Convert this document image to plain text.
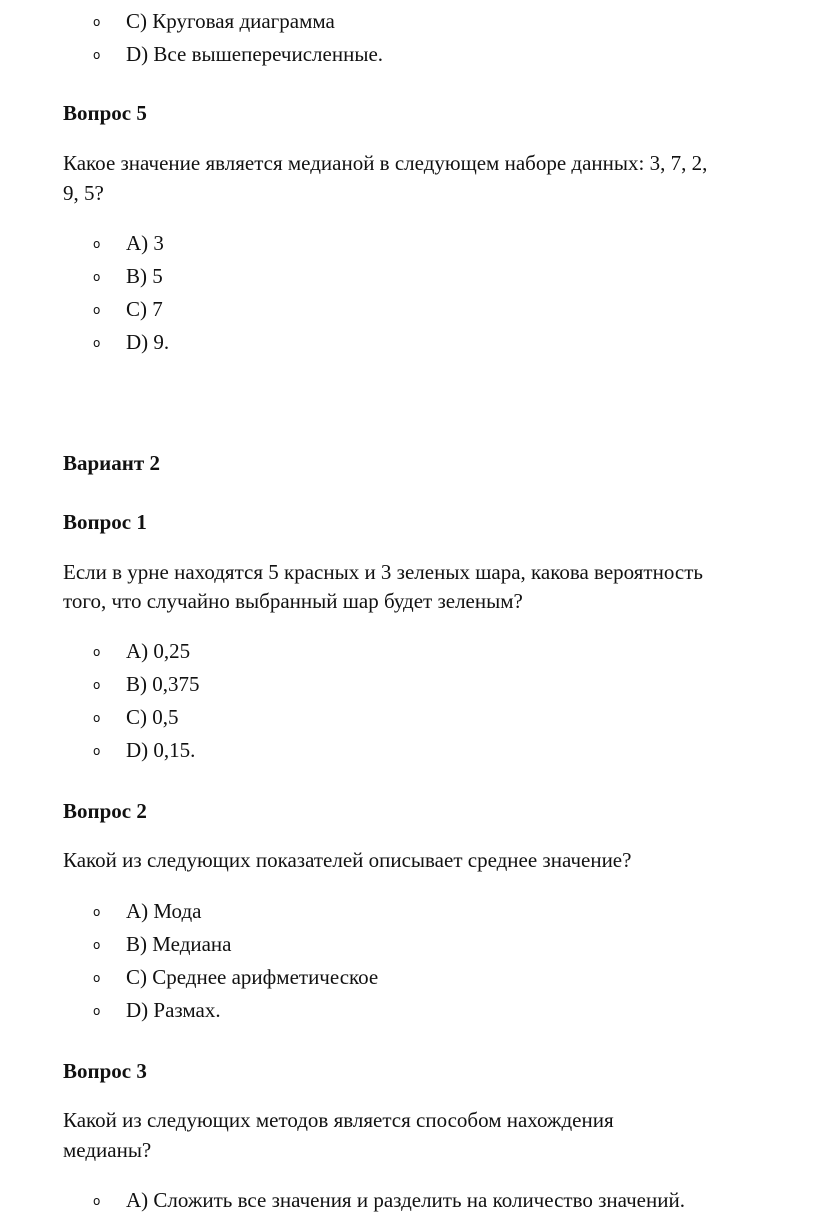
o C) Круговая диаграмма
o D) Все вышеперечисленные.
Вопрос 5
Какое значение является медианой в следующем наборе данных: 3, 7, 2,
9, 5?
o A) 3
o B) 5
o C) 7
o D) 9.
Вариант 2
Вопрос 1
Если в урне находятся 5 красных и 3 зеленых шара, какова вероятность
того, что случайно выбранный шар будет зеленым?
o A) 0,25
o B) 0,375
o C) 0,5
o D) 0,15.
Вопрос 2
Какой из следующих показателей описывает среднее значение?
o A) Мода
o B) Медиана
o C) Среднее арифметическое
o D) Размах.
Вопрос 3
Какой из следующих методов является способом нахождения
медианы?
o A) Сложить все значения и разделить на количество значений.
